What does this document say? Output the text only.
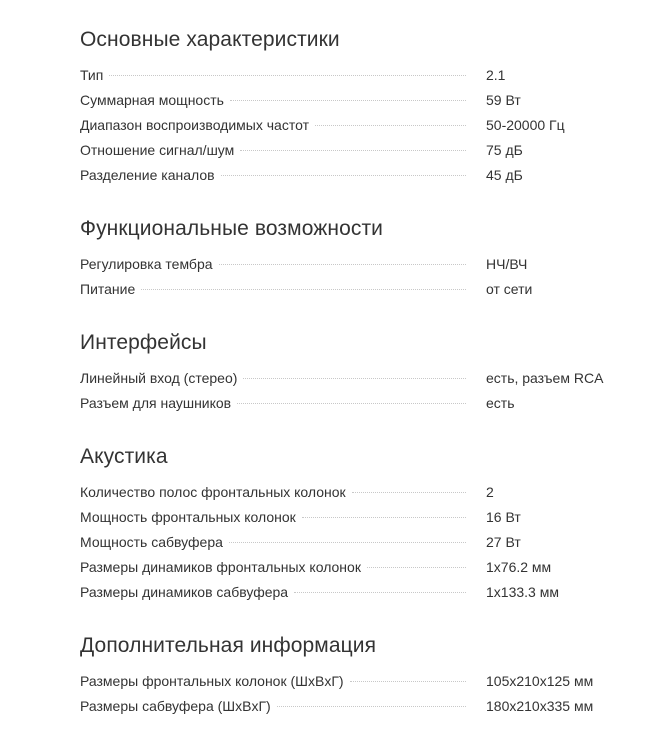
Основные характеристики
Тип	2.1
Суммарная мощность	59 Вт
Диапазон воспроизводимых частот	50-20000 Гц
Отношение сигнал/шум	75 дБ
Разделение каналов	45 дБ
Функциональные возможности
Регулировка тембра	НЧ/ВЧ
Питание	от сети
Интерфейсы
Линейный вход (стерео)	есть, разъем RCA
Разъем для наушников	есть
Акустика
Количество полос фронтальных колонок	2
Мощность фронтальных колонок	16 Вт
Мощность сабвуфера	27 Вт
Размеры динамиков фронтальных колонок	1x76.2 мм
Размеры динамиков сабвуфера	1x133.3 мм
Дополнительная информация
Размеры фронтальных колонок (ШxВxГ)	105x210x125 мм
Размеры сабвуфера (ШxВxГ)	180x210x335 мм
